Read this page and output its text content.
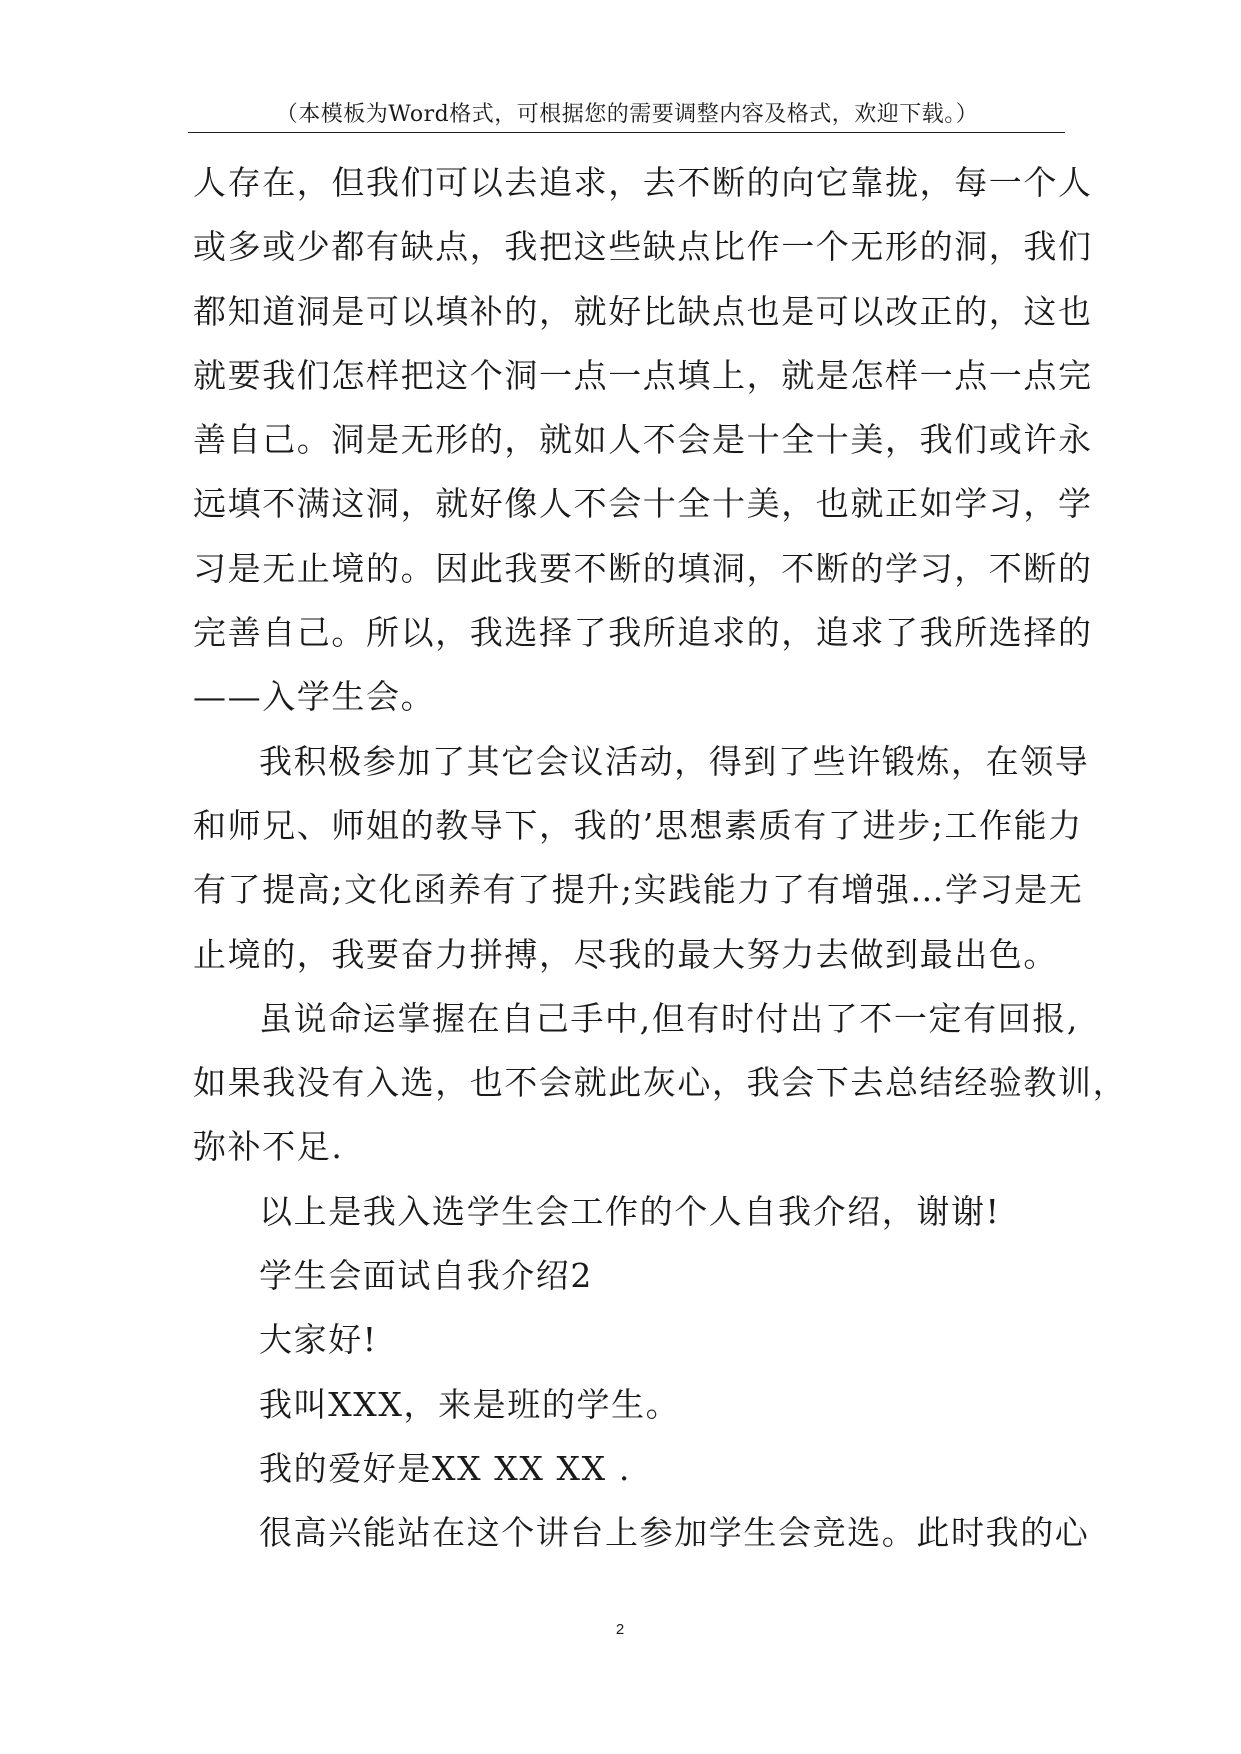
（本模板为Word格式，可根据您的需要调整内容及格式，欢迎下载。）
人存在，但我们可以去追求，去不断的向它靠拢，每一个人
或多或少都有缺点，我把这些缺点比作一个无形的洞，我们
都知道洞是可以填补的，就好比缺点也是可以改正的，这也
就要我们怎样把这个洞一点一点填上，就是怎样一点一点完
善自己。洞是无形的，就如人不会是十全十美，我们或许永
远填不满这洞，就好像人不会十全十美，也就正如学习，学
习是无止境的。因此我要不断的填洞，不断的学习，不断的
完善自己。所以，我选择了我所追求的，追求了我所选择的
——入学生会。
我积极参加了其它会议活动，得到了些许锻炼，在领导
和师兄、师姐的教导下，我的’思想素质有了进步;工作能力
有了提高;文化函养有了提升;实践能力了有增强…学习是无
止境的，我要奋力拼搏，尽我的最大努力去做到最出色。
虽说命运掌握在自己手中,但有时付出了不一定有回报,
如果我没有入选，也不会就此灰心，我会下去总结经验教训，
弥补不足.
以上是我入选学生会工作的个人自我介绍，谢谢!
学生会面试自我介绍2
大家好!
我叫XXX，来是班的学生。
我的爱好是XX XX XX .
很高兴能站在这个讲台上参加学生会竞选。此时我的心
2
